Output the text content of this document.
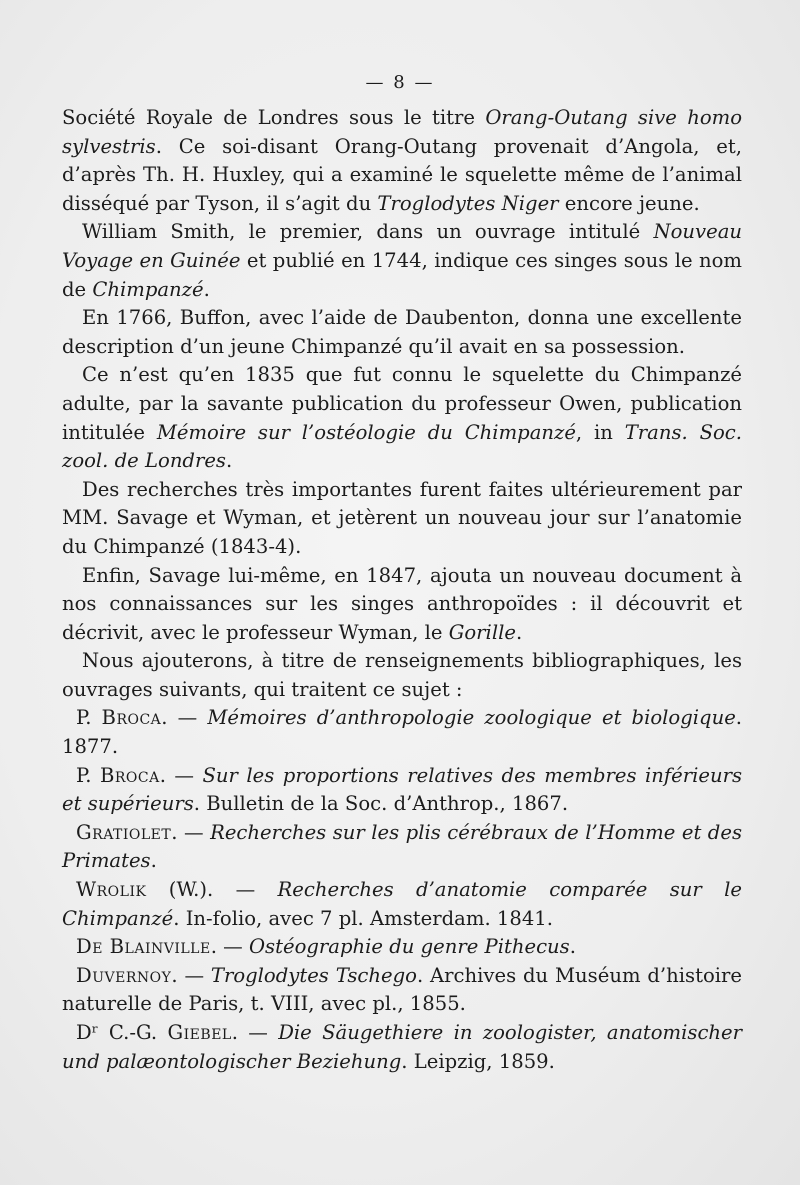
— 8 —

Société Royale de Londres sous le titre Orang-Outang sive homo sylvestris. Ce soi-disant Orang-Outang provenait d’Angola, et, d’après Th. H. Huxley, qui a examiné le squelette même de l’animal disséqué par Tyson, il s’agit du Troglodytes Niger encore jeune.

William Smith, le premier, dans un ouvrage intitulé Nouveau Voyage en Guinée et publié en 1744, indique ces singes sous le nom de Chimpanzé.

En 1766, Buffon, avec l’aide de Daubenton, donna une excellente description d’un jeune Chimpanzé qu’il avait en sa possession.

Ce n’est qu’en 1835 que fut connu le squelette du Chimpanzé adulte, par la savante publication du professeur Owen, publication intitulée Mémoire sur l’ostéologie du Chimpanzé, in Trans. Soc. zool. de Londres.

Des recherches très importantes furent faites ultérieurement par MM. Savage et Wyman, et jetèrent un nouveau jour sur l’anatomie du Chimpanzé (1843-4).

Enfin, Savage lui-même, en 1847, ajouta un nouveau document à nos connaissances sur les singes anthropoïdes : il découvrit et décrivit, avec le professeur Wyman, le Gorille.

Nous ajouterons, à titre de renseignements bibliographiques, les ouvrages suivants, qui traitent ce sujet :

P. Broca. — Mémoires d’anthropologie zoologique et biologique. 1877.

P. Broca. — Sur les proportions relatives des membres inférieurs et supérieurs. Bulletin de la Soc. d’Anthrop., 1867.

Gratiolet. — Recherches sur les plis cérébraux de l’Homme et des Primates.

Wrolik (W.). — Recherches d’anatomie comparée sur le Chimpanzé. In-folio, avec 7 pl. Amsterdam. 1841.

De Blainville. — Ostéographie du genre Pithecus.

Duvernoy. — Troglodytes Tschego. Archives du Muséum d’histoire naturelle de Paris, t. VIII, avec pl., 1855.

Dʳ C.-G. Giebel. — Die Säugethiere in zoologister, anatomischer und palæontologischer Beziehung. Leipzig, 1859.
